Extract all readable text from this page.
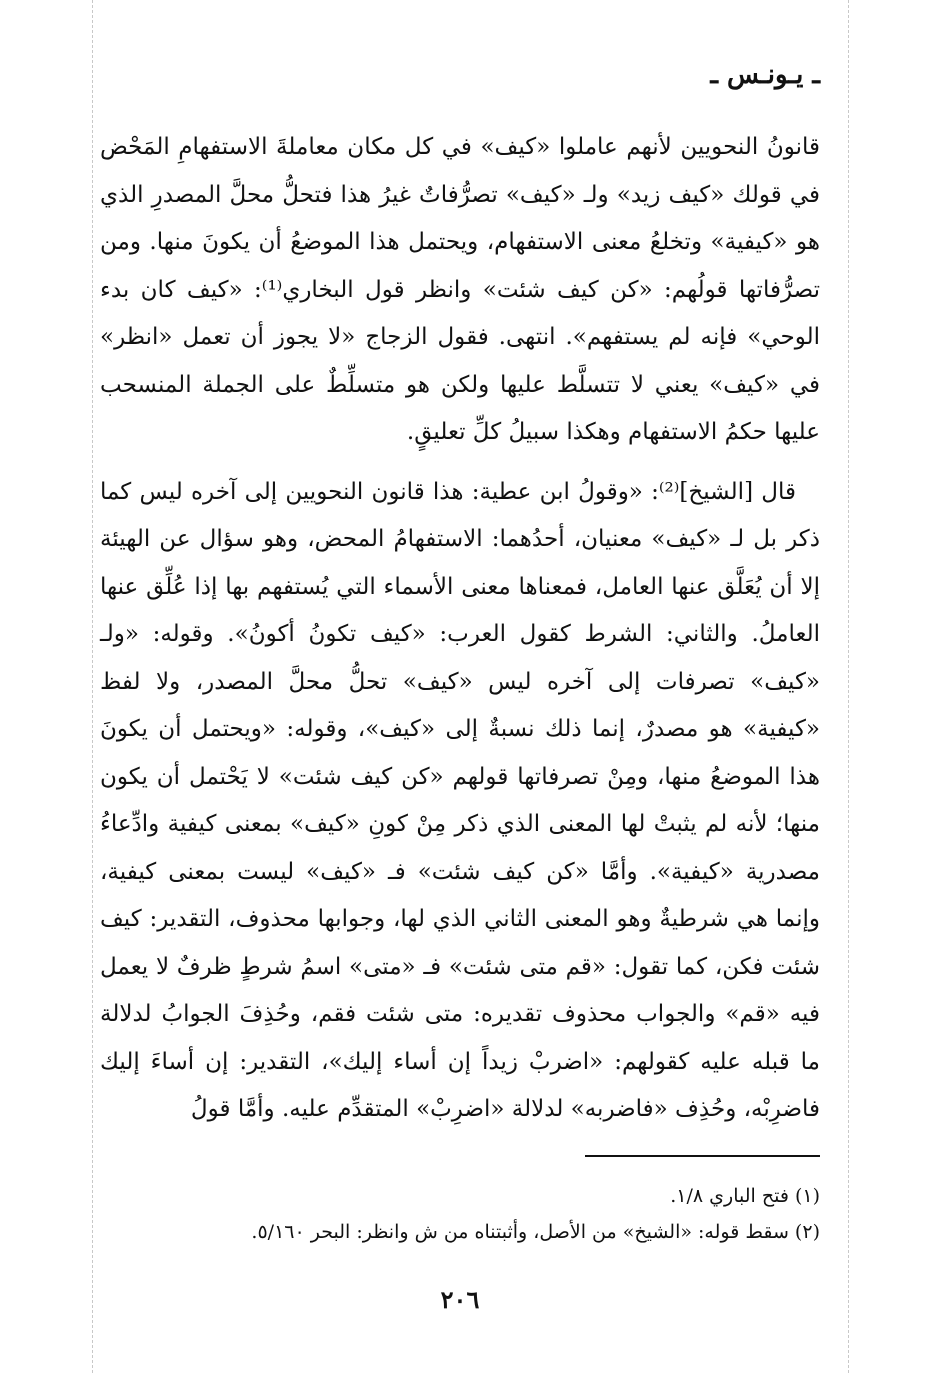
ـ يـونـس ـ

قانونُ النحويين لأنهم عاملوا «كيف» في كل مكان معاملةَ الاستفهامِ المَحْض في قولك «كيف زيد» ولـ «كيف» تصرُّفاتٌ غيرُ هذا فتحلُّ محلَّ المصدرِ الذي هو «كيفية» وتخلعُ معنى الاستفهام، ويحتمل هذا الموضعُ أن يكونَ منها. ومن تصرُّفاتها قولُهم: «كن كيف شئت» وانظر قول البخاري⁽¹⁾: «كيف كان بدء الوحي» فإنه لم يستفهم». انتهى. فقول الزجاج «لا يجوز أن تعمل «انظر» في «كيف» يعني لا تتسلَّط عليها ولكن هو متسلِّطٌ على الجملة المنسحب عليها حكمُ الاستفهام وهكذا سبيلُ كلِّ تعليقٍ.

قال [الشيخ]⁽²⁾: «وقولُ ابن عطية: هذا قانون النحويين إلى آخره ليس كما ذكر بل لـ «كيف» معنيان، أحدُهما: الاستفهامُ المحض، وهو سؤال عن الهيئة إلا أن يُعَلَّق عنها العامل، فمعناها معنى الأسماء التي يُستفهم بها إذا عُلِّق عنها العاملُ. والثاني: الشرط كقول العرب: «كيف تكونُ أكونُ». وقوله: «ولـ «كيف» تصرفات إلى آخره ليس «كيف» تحلُّ محلَّ المصدر، ولا لفظ «كيفية» هو مصدرٌ، إنما ذلك نسبةٌ إلى «كيف»، وقوله: «ويحتمل أن يكونَ هذا الموضعُ منها، ومِنْ تصرفاتها قولهم «كن كيف شئت» لا يَحْتمل أن يكون منها؛ لأنه لم يثبتْ لها المعنى الذي ذكر مِنْ كونِ «كيف» بمعنى كيفية وادِّعاءُ مصدرية «كيفية». وأمَّا «كن كيف شئت» فـ «كيف» ليست بمعنى كيفية، وإنما هي شرطيةٌ وهو المعنى الثاني الذي لها، وجوابها محذوف، التقدير: كيف شئت فكن، كما تقول: «قم متى شئت» فـ «متى» اسمُ شرطٍ ظرفٌ لا يعمل فيه «قم» والجواب محذوف تقديره: متى شئت فقم، وحُذِفَ الجوابُ لدلالة ما قبله عليه كقولهم: «اضربْ زيداً إن أساء إليك»، التقدير: إن أساءَ إليك فاضرِبْه، وحُذِف «فاضربه» لدلالة «اضرِبْ» المتقدِّم عليه. وأمَّا قولُ

(١) فتح الباري ١/٨.

(٢) سقط قوله: «الشيخ» من الأصل، وأثبتناه من ش وانظر: البحر ٥/١٦٠.

٢٠٦
